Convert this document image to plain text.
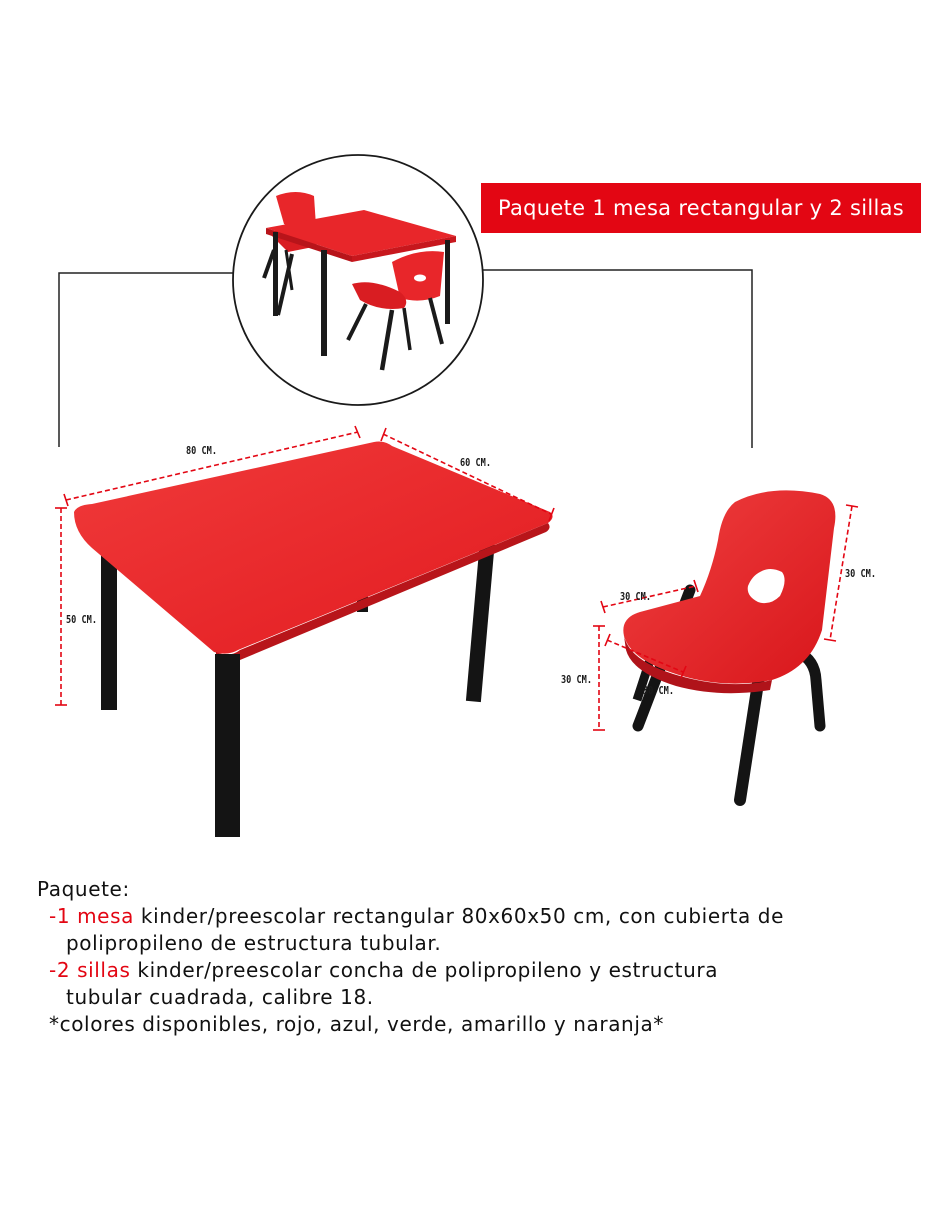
Paquete 1 mesa rectangular y 2 sillas
80 CM.
60 CM.
50 CM.
30 CM.
30 CM.
30 CM.
30 CM.
Paquete:
-1 mesa kinder/preescolar rectangular 80x60x50 cm, con cubierta de
polipropileno de estructura tubular.
-2 sillas kinder/preescolar concha de polipropileno y estructura
tubular cuadrada, calibre 18.
*colores disponibles, rojo, azul, verde, amarillo y naranja*
